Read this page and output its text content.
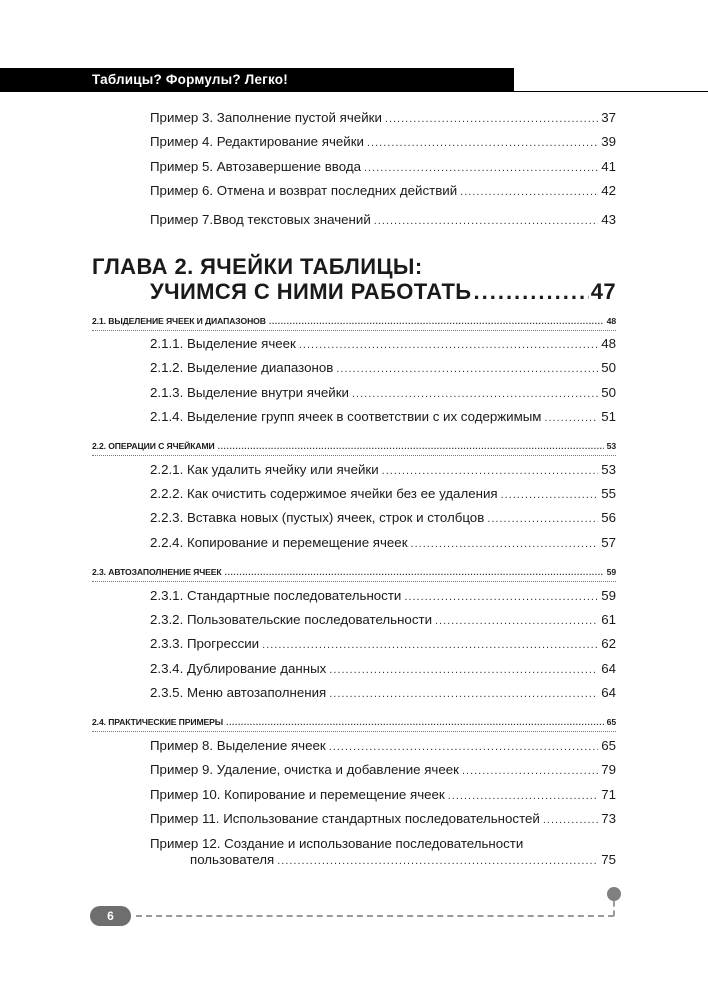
Таблицы? Формулы? Легко!
Пример 3. Заполнение пустой ячейки .....	37
Пример 4. Редактирование ячейки .....	39
Пример 5. Автозавершение ввода .....	41
Пример 6. Отмена и возврат последних действий .....	42
Пример 7.Ввод текстовых значений .....	43
ГЛАВА 2. ЯЧЕЙКИ ТАБЛИЦЫ:
УЧИМСЯ С НИМИ РАБОТАТЬ .....	47
2.1. ВЫДЕЛЕНИЕ ЯЧЕЕК И ДИАПАЗОНОВ .....	48
2.1.1. Выделение ячеек .....	48
2.1.2. Выделение диапазонов .....	50
2.1.3. Выделение внутри ячейки .....	50
2.1.4. Выделение групп ячеек в соответствии с их содержимым .....	51
2.2. ОПЕРАЦИИ С ЯЧЕЙКАМИ .....	53
2.2.1. Как удалить ячейку или ячейки .....	53
2.2.2. Как очистить содержимое ячейки без ее удаления .....	55
2.2.3. Вставка новых (пустых) ячеек, строк и столбцов .....	56
2.2.4. Копирование и перемещение ячеек .....	57
2.3. АВТОЗАПОЛНЕНИЕ ЯЧЕЕК .....	59
2.3.1. Стандартные последовательности .....	59
2.3.2. Пользовательские последовательности .....	61
2.3.3. Прогрессии .....	62
2.3.4. Дублирование данных .....	64
2.3.5. Меню автозаполнения .....	64
2.4. ПРАКТИЧЕСКИЕ ПРИМЕРЫ .....	65
Пример 8. Выделение ячеек .....	65
Пример 9. Удаление, очистка и добавление ячеек .....	79
Пример 10. Копирование и перемещение ячеек .....	71
Пример 11. Использование стандартных последовательностей .....	73
Пример 12. Создание и использование последовательности
пользователя .....	75
6
